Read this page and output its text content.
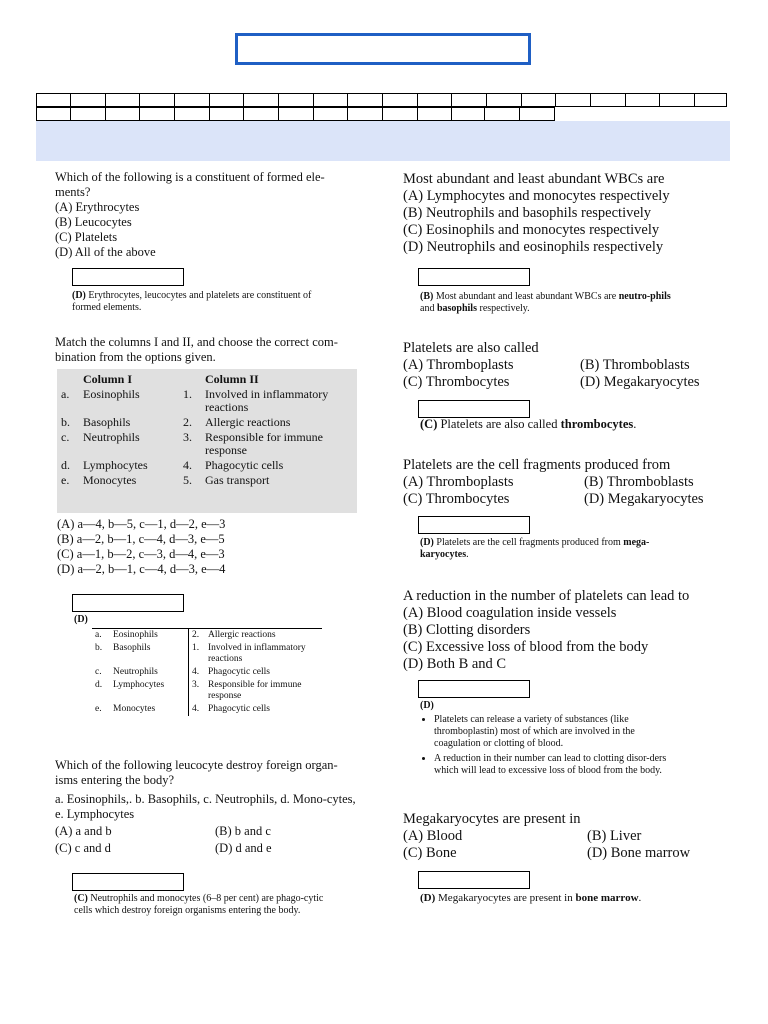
Which of the following is a constituent of formed ele-ments?
(A) Erythrocytes
(B) Leucocytes
(C) Platelets
(D) All of the above
(D) Erythrocytes, leucocytes and platelets are constituent of formed elements.
Match the columns I and II, and choose the correct com-bination from the options given.
	Column I		Column II
a.	Eosinophils	1.	Involved in inflammatory reactions
b.	Basophils	2.	Allergic reactions
c.	Neutrophils	3.	Responsible for immune response
d.	Lymphocytes	4.	Phagocytic cells
e.	Monocytes	5.	Gas transport
(A) a—4, b—5, c—1, d—2, e—3
(B) a—2, b—1, c—4, d—3, e—5
(C) a—1, b—2, c—3, d—4, e—3
(D) a—2, b—1, c—4, d—3, e—4
(D)
a.	Eosinophils	2.	Allergic reactions
b.	Basophils	1.	Involved in inflammatory reactions
c.	Neutrophils	4.	Phagocytic cells
d.	Lymphocytes	3.	Responsible for immune response
e.	Monocytes	4.	Phagocytic cells
Which of the following leucocyte destroy foreign organ-isms entering the body?
a. Eosinophils,. b. Basophils, c. Neutrophils, d. Mono-cytes, e. Lymphocytes
(A) a and b	(B) b and c
(C) c and d	(D) d and e
(C) Neutrophils and monocytes (6–8 per cent) are phago-cytic cells which destroy foreign organisms entering the body.
Most abundant and least abundant WBCs are
(A) Lymphocytes and monocytes respectively
(B) Neutrophils and basophils respectively
(C) Eosinophils and monocytes respectively
(D) Neutrophils and eosinophils respectively
(B) Most abundant and least abundant WBCs are neutro-phils and basophils respectively.
Platelets are also called
(A) Thromboplasts	(B) Thromboblasts
(C) Thrombocytes	(D) Megakaryocytes
(C) Platelets are also called thrombocytes.
Platelets are the cell fragments produced from
(A) Thromboplasts	(B) Thromboblasts
(C) Thrombocytes	(D) Megakaryocytes
(D) Platelets are the cell fragments produced from mega-karyocytes.
A reduction in the number of platelets can lead to
(A) Blood coagulation inside vessels
(B) Clotting disorders
(C) Excessive loss of blood from the body
(D) Both B and C
(D)
• Platelets can release a variety of substances (like thromboplastin) most of which are involved in the coagulation or clotting of blood.
• A reduction in their number can lead to clotting disor-ders which will lead to excessive loss of blood from the body.
Megakaryocytes are present in
(A) Blood	(B) Liver
(C) Bone	(D) Bone marrow
(D) Megakaryocytes are present in bone marrow.
